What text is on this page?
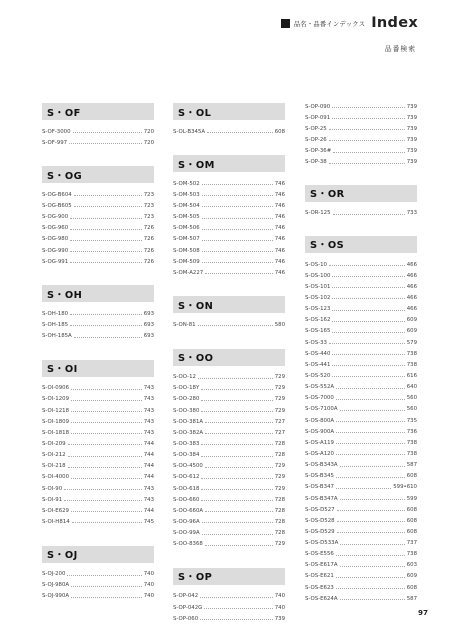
品名・品番インデックス Index
品番検索
S・OF
S-OF-3000	720
S-OF-997	720
S・OG
S-OG-B604	723
S-OG-B605	723
S-OG-900	723
S-OG-960	726
S-OG-980	726
S-OG-990	726
S-OG-991	726
S・OH
S-OH-180	693
S-OH-185	693
S-OH-185A	693
S・OI
S-OI-0906	743
S-OI-1209	743
S-OI-1218	743
S-OI-1809	743
S-OI-1818	743
S-OI-209	744
S-OI-212	744
S-OI-218	744
S-OI-4000	744
S-OI-90	743
S-OI-91	743
S-OI-E629	744
S-OI-H814	745
S・OJ
S-OJ-200	740
S-OJ-980A	740
S-OJ-990A	740
S・OL
S-OL-B345A	608
S・OM
S-OM-502	746
S-OM-503	746
S-OM-504	746
S-OM-505	746
S-OM-506	746
S-OM-507	746
S-OM-508	746
S-OM-509	746
S-OM-A227	746
S・ON
S-ON-81	580
S・OO
S-OO-12	729
S-OO-18Y	729
S-OO-280	729
S-OO-380	729
S-OO-381A	727
S-OO-382A	727
S-OO-383	728
S-OO-384	728
S-OO-4500	729
S-OO-612	729
S-OO-618	729
S-OO-660	728
S-OO-660A	728
S-OO-96A	728
S-OO-99A	728
S-OO-8368	729
S・OP
S-OP-042	740
S-OP-042G	740
S-OP-060	739
S-OP-090	739
S-OP-091	739
S-OP-25	739
S-OP-26	739
S-OP-36#	739
S-OP-38	739
S・OR
S-OR-125	733
S・OS
S-OS-10	466
S-OS-100	466
S-OS-101	466
S-OS-102	466
S-OS-123	466
S-OS-162	609
S-OS-165	609
S-OS-33	579
S-OS-440	738
S-OS-441	738
S-OS-520	616
S-OS-552A	640
S-OS-7000	560
S-OS-7100A	560
S-OS-800A	735
S-OS-900A	736
S-OS-A119	738
S-OS-A120	738
S-OS-B343A	587
S-OS-B345	608
S-OS-B347	599•610
S-OS-B347A	599
S-OS-D527	608
S-OS-D528	608
S-OS-D529	608
S-OS-D533A	737
S-OS-E556	738
S-OS-E617A	603
S-OS-E621	609
S-OS-E623	608
S-OS-E624A	587
97
